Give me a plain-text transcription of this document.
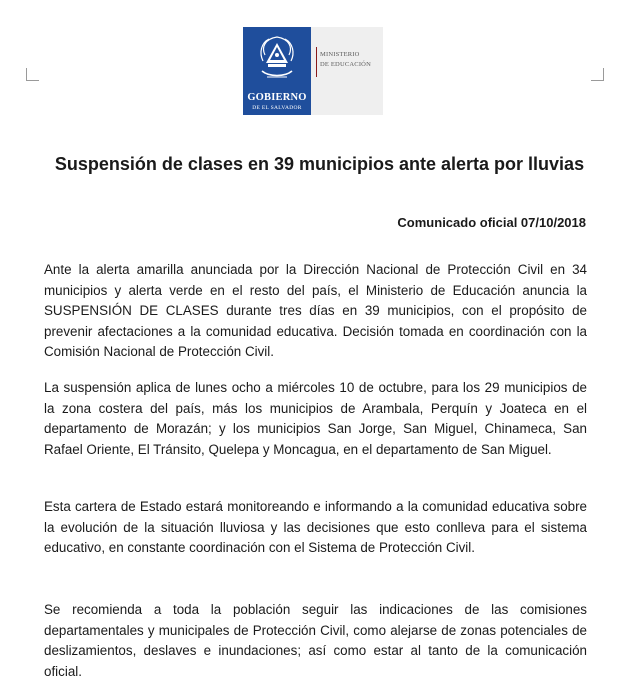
GOBIERNO
DE EL SALVADOR
MINISTERIO
DE EDUCACIÓN
Suspensión de clases en 39 municipios ante alerta por lluvias
Comunicado oficial 07/10/2018

Ante la alerta amarilla anunciada por la Dirección Nacional de Protección Civil en 34 municipios y alerta verde en el resto del país, el Ministerio de Educación anuncia la SUSPENSIÓN DE CLASES durante tres días en 39 municipios, con el propósito de prevenir afectaciones a la comunidad educativa. Decisión tomada en coordinación con la Comisión Nacional de Protección Civil.

La suspensión aplica de lunes ocho a miércoles 10 de octubre, para los 29 municipios de la zona costera del país, más los municipios de Arambala, Perquín y Joateca en el departamento de Morazán; y los municipios San Jorge, San Miguel, Chinameca, San Rafael Oriente, El Tránsito, Quelepa y Moncagua, en el departamento de San Miguel.

Esta cartera de Estado estará monitoreando e informando a la comunidad educativa sobre la evolución de la situación lluviosa y las decisiones que esto conlleva para el sistema educativo, en constante coordinación con el Sistema de Protección Civil.

Se recomienda a toda la población seguir las indicaciones de las comisiones departamentales y municipales de Protección Civil, como alejarse de zonas potenciales de deslizamientos, deslaves e inundaciones; así como estar al tanto de la comunicación oficial.
